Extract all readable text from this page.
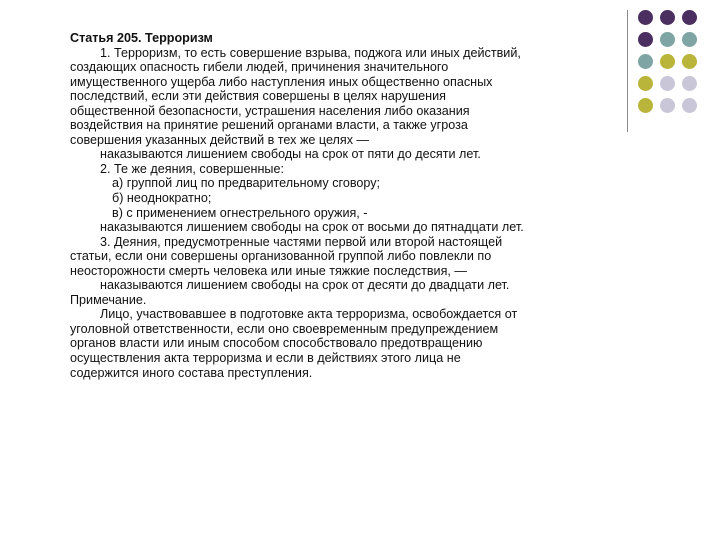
Статья 205. Терроризм
1. Терроризм, то есть совершение взрыва, поджога или иных действий,
создающих опасность гибели людей, причинения значительного
имущественного ущерба либо наступления иных общественно опасных
последствий, если эти действия совершены в целях нарушения
общественной безопасности, устрашения населения либо оказания
воздействия на принятие решений органами власти, а также угроза
совершения указанных действий в тех же целях —
наказываются лишением свободы на срок от пяти до десяти лет.
2. Те же деяния, совершенные:
а) группой лиц по предварительному сговору;
б) неоднократно;
в) с применением огнестрельного оружия, -
наказываются лишением свободы на срок от восьми до пятнадцати лет.
3. Деяния, предусмотренные частями первой или второй настоящей
статьи, если они совершены организованной группой либо повлекли по
неосторожности смерть человека или иные тяжкие последствия, —
наказываются лишением свободы на срок от десяти до двадцати лет.
Примечание.
Лицо, участвовавшее в подготовке акта терроризма, освобождается от
уголовной ответственности, если оно своевременным предупреждением
органов власти или иным способом способствовало предотвращению
осуществления акта терроризма и если в действиях этого лица не
содержится иного состава преступления.
